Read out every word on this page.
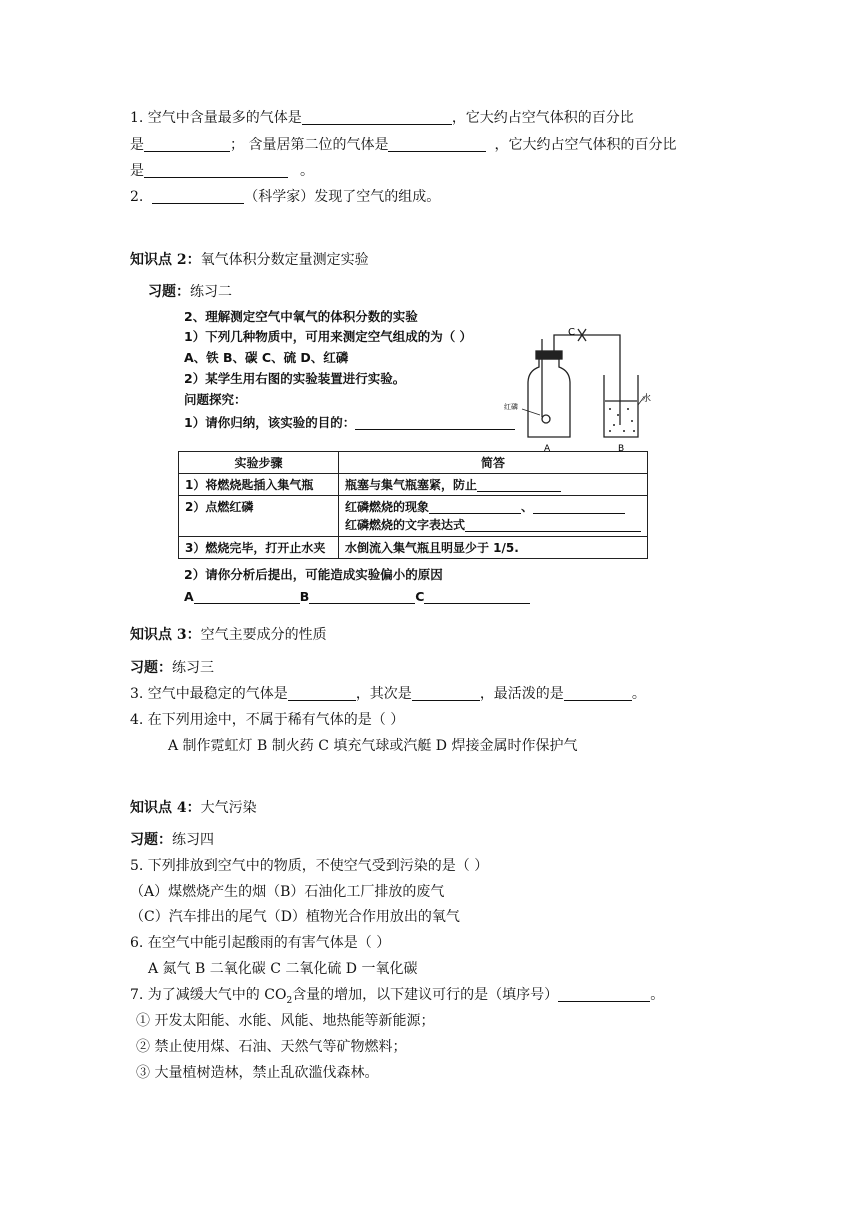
1. 空气中含量最多的气体是	，它大约占空气体积的百分比
是	； 含量居第二位的气体是	，它大约占空气体积的百分比
是	。
2.	（科学家）发现了空气的组成。
知识点 2：氧气体积分数定量测定实验
习题：练习二
2、理解测定空气中氧气的体积分数的实验
1）下列几种物质中，可用来测定空气组成的为（ ）
A、铁 B、碳 C、硫 D、红磷
2）某学生用右图的实验装置进行实验。
问题探究：
1）请你归纳，该实验的目的：
C
红磷
水
A	B
实验步骤	简答
1）将燃烧匙插入集气瓶	瓶塞与集气瓶塞紧，防止
2）点燃红磷	红磷燃烧的现象 、
红磷燃烧的文字表达式

3）燃烧完毕，打开止水夹	水倒流入集气瓶且明显少于 1/5.
2）请你分析后提出，可能造成实验偏小的原因
A	B	C
知识点 3：空气主要成分的性质
习题：练习三
3. 空气中最稳定的气体是	，其次是	，最活泼的是	。
4. 在下列用途中，不属于稀有气体的是（ ）
A 制作霓虹灯 B 制火药 C 填充气球或汽艇 D 焊接金属时作保护气
知识点 4：大气污染
习题：练习四
5. 下列排放到空气中的物质，不使空气受到污染的是（ ）
（A）煤燃烧产生的烟（B）石油化工厂排放的废气
（C）汽车排出的尾气（D）植物光合作用放出的氧气
6. 在空气中能引起酸雨的有害气体是（ ）
A 氮气 B 二氧化碳 C 二氧化硫 D 一氧化碳
7. 为了减缓大气中的 $CO_2$含量的增加，以下建议可行的是（填序号）	。
① 开发太阳能、水能、风能、地热能等新能源；
② 禁止使用煤、石油、天然气等矿物燃料；
③ 大量植树造林，禁止乱砍滥伐森林。
